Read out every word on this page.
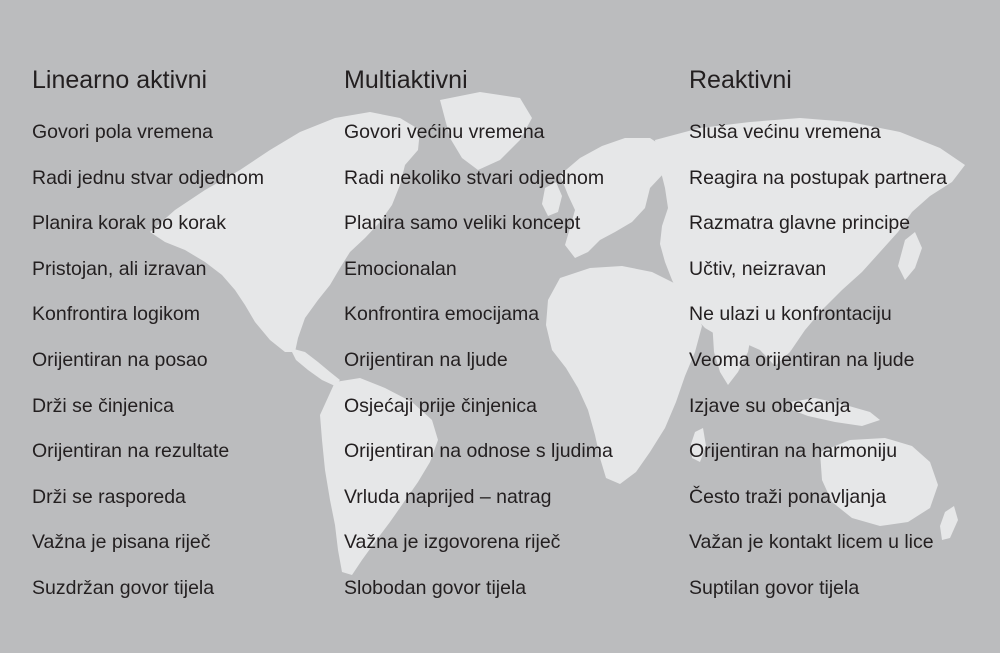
Linearno aktivni
Govori pola vremena
Radi jednu stvar odjednom
Planira korak po korak
Pristojan, ali izravan
Konfrontira logikom
Orijentiran na posao
Drži se činjenica
Orijentiran na rezultate
Drži se rasporeda
Važna je pisana riječ
Suzdržan govor tijela
Multiaktivni
Govori većinu vremena
Radi nekoliko stvari odjednom
Planira samo veliki koncept
Emocionalan
Konfrontira emocijama
Orijentiran na ljude
Osjećaji prije činjenica
Orijentiran na odnose s ljudima
Vrluda naprijed – natrag
Važna je izgovorena riječ
Slobodan govor tijela
Reaktivni
Sluša većinu vremena
Reagira na postupak partnera
Razmatra glavne principe
Učtiv, neizravan
Ne ulazi u konfrontaciju
Veoma orijentiran na ljude
Izjave su obećanja
Orijentiran na harmoniju
Često traži ponavljanja
Važan je kontakt licem u lice
Suptilan govor tijela
